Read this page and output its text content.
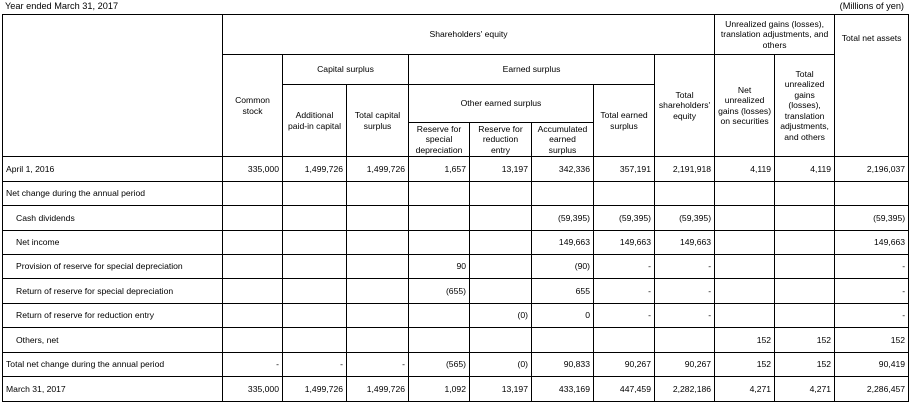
Year ended March 31, 2017	(Millions of yen)
	Shareholders' equity								Unrealized gains (losses), translation adjustments, and others		Total net assets
	Common stock	Capital surplus		Earned surplus				Total shareholders' equity	Net unrealized gains (losses) on securities	Total unrealized gains (losses), translation adjustments, and others	
		Additional paid-in capital	Total capital surplus	Other earned surplus			Total earned surplus				
				Reserve for special depreciation	Reserve for reduction entry	Accumulated earned surplus					
April 1, 2016	335,000	1,499,726	1,499,726	1,657	13,197	342,336	357,191	2,191,918	4,119	4,119	2,196,037
Net change during the annual period											
Cash dividends						(59,395)	(59,395)	(59,395)			(59,395)
Net income						149,663	149,663	149,663			149,663
Provision of reserve for special depreciation				90		(90)	-	-			-
Return of reserve for special depreciation				(655)		655	-	-			-
Return of reserve for reduction entry					(0)	0	-	-			-
Others, net									152	152	152
Total net change during the annual period	-	-	-	(565)	(0)	90,833	90,267	90,267	152	152	90,419
March 31, 2017	335,000	1,499,726	1,499,726	1,092	13,197	433,169	447,459	2,282,186	4,271	4,271	2,286,457
